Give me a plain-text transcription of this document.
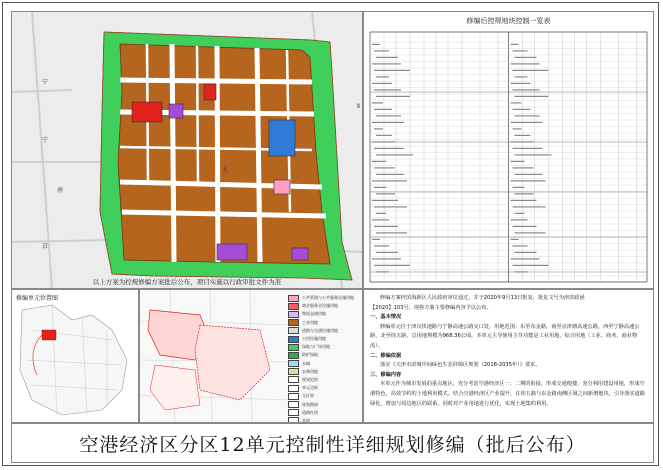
宁
宁
大
南
京
Ⅱ
以上方案为控规修编方案批后公布，项目实施以行政审批文件为准
修编后控规地块控制一览表
修编单元位置图	公共管理与公共服务设施用地
商业服务业设施用地
物流仓储用地
工业用地
道路与交通设施用地
公用设施用地
绿地与广场用地
防护绿地
水域
农林用地
规划范围
单元边界
分区界
规划路网
道路红线
其他

修编方案经滨海新区人民政府审议通过，并于2020年9月13日批复，批复文号为津滨政函

【2020】103号。现将方案主要修编内容予以公布。

一、基本情况

修编单元位于津汉快速路与宁静高速公路交口处，用地范围：东至东金路，南至京津塘高速公路，西至宁静高速公路，北至纬五路，总用地规模为968.36公顷。本单元主导使用主导功能是工业用地、综合用地（工业、商务、商业物流）。

二、修编依据

落实《天津市滨城中间绿色生态屏障区规划（2018-2035年）》要求。

三、修编内容

本单元作为城市发展的重点地区，充分考虑空港经济区一、二期的衔接，形成交通便捷、充分利用建设用地，形成空港特色，高效节约的土地利用模式。结合空港经济区产业提升，在纬五路与东金路南侧区域之间新增地块，引导落实道路绿化，增加与周边地区的联系，同时对产业用地进行优化，实现土地集约利用。

空港经济区分区12单元控制性详细规划修编（批后公布）
